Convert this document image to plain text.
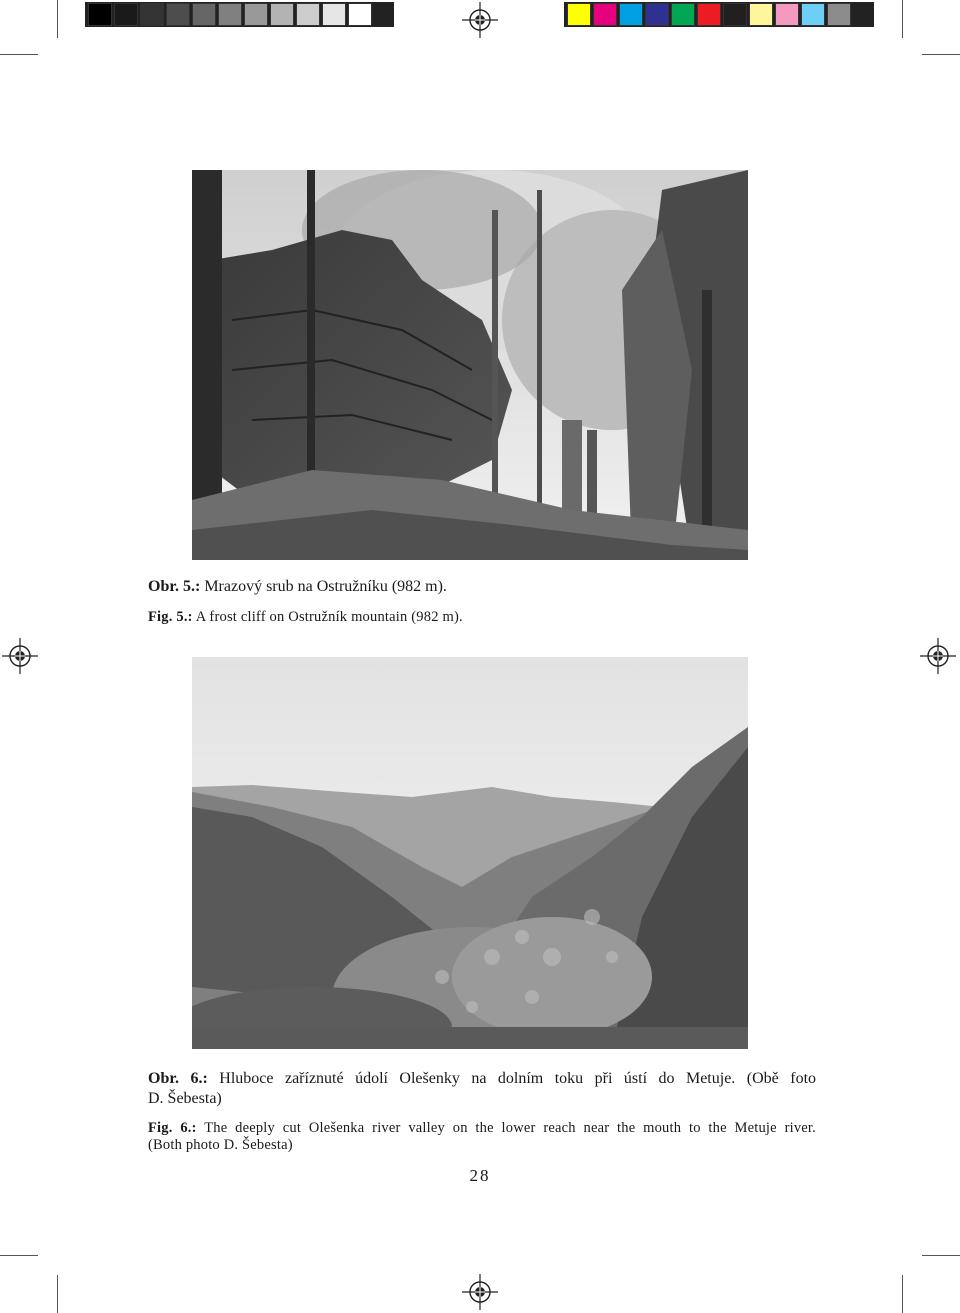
Obr. 5.: Mrazový srub na Ostružníku (982 m).
Fig. 5.: A frost cliff on Ostružník mountain (982 m).
Obr. 6.: Hluboce zaříznuté údolí Olešenky na dolním toku při ústí do Metuje. (Obě foto
D. Šebesta)
Fig. 6.: The deeply cut Olešenka river valley on the lower reach near the mouth to the Metuje river.
(Both photo D. Šebesta)
28
